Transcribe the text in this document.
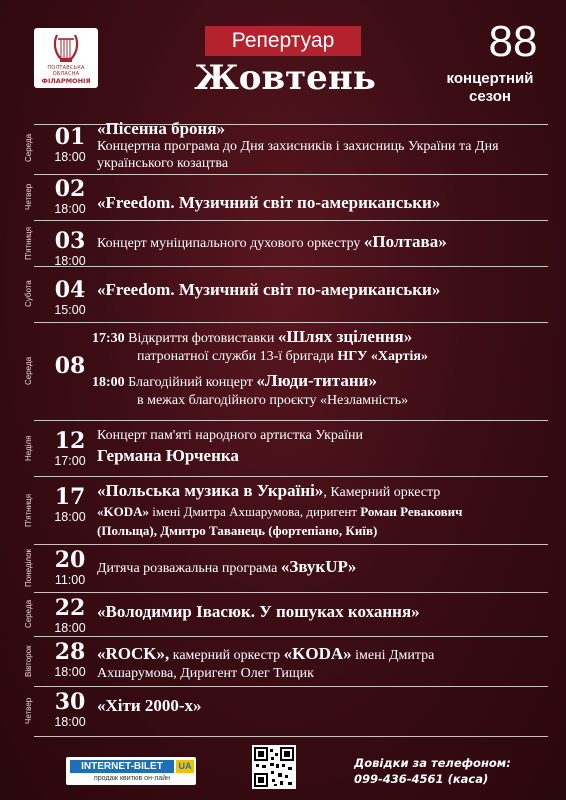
ПОЛТАВСЬКА ОБЛАСНА
ФІЛАРМОНІЯ
Репертуар
Жовтень
88
концертний
сезон
Середа 01
18:00
«Пісенна броня»
Концертна програма до Дня захисників і захисниць України та Дня українського козацтва
Четвер 02
18:00 «Freedom. Музичний світ по-американськи»
П'ятниця 03
18:00
Концерт муніципального духового оркестру «Полтава»
Субота 04
15:00
«Freedom. Музичний світ по-американськи»
Середа 08
17:30 Відкриття фотовиставки «Шлях зцілення»
патронатної служби 13-ї бригади НГУ «Хартія»
18:00 Благодійний концерт «Люди-титани»
в межах благодійного проєкту «Незламність»
Неділя 12
17:00
Концерт пам'яті народного артистка України
Германа Юрченка
П'ятниця 17
18:00
«Польська музика в Україні», Камерний оркестр
«KODA» імені Дмитра Ахшарумова, диригент Роман Ревакович
(Польща), Дмитро Таванець (фортепіано, Київ)
Понеділок 20
11:00
Дитяча розважальна програма «ЗвукUP»
Середа 22
18:00
«Володимир Івасюк. У пошуках кохання»
Вівторок 28
18:00
«ROCK», камерний оркестр «KODA» імені Дмитра
Ахшарумова, Диригент Олег Тищик
Четвер 30
18:00
«Хіти 2000-х»
INTERNET-BILET	UA
продаж квитків он-лайн
Довідки за телефоном:
099-436-4561 (каса)
